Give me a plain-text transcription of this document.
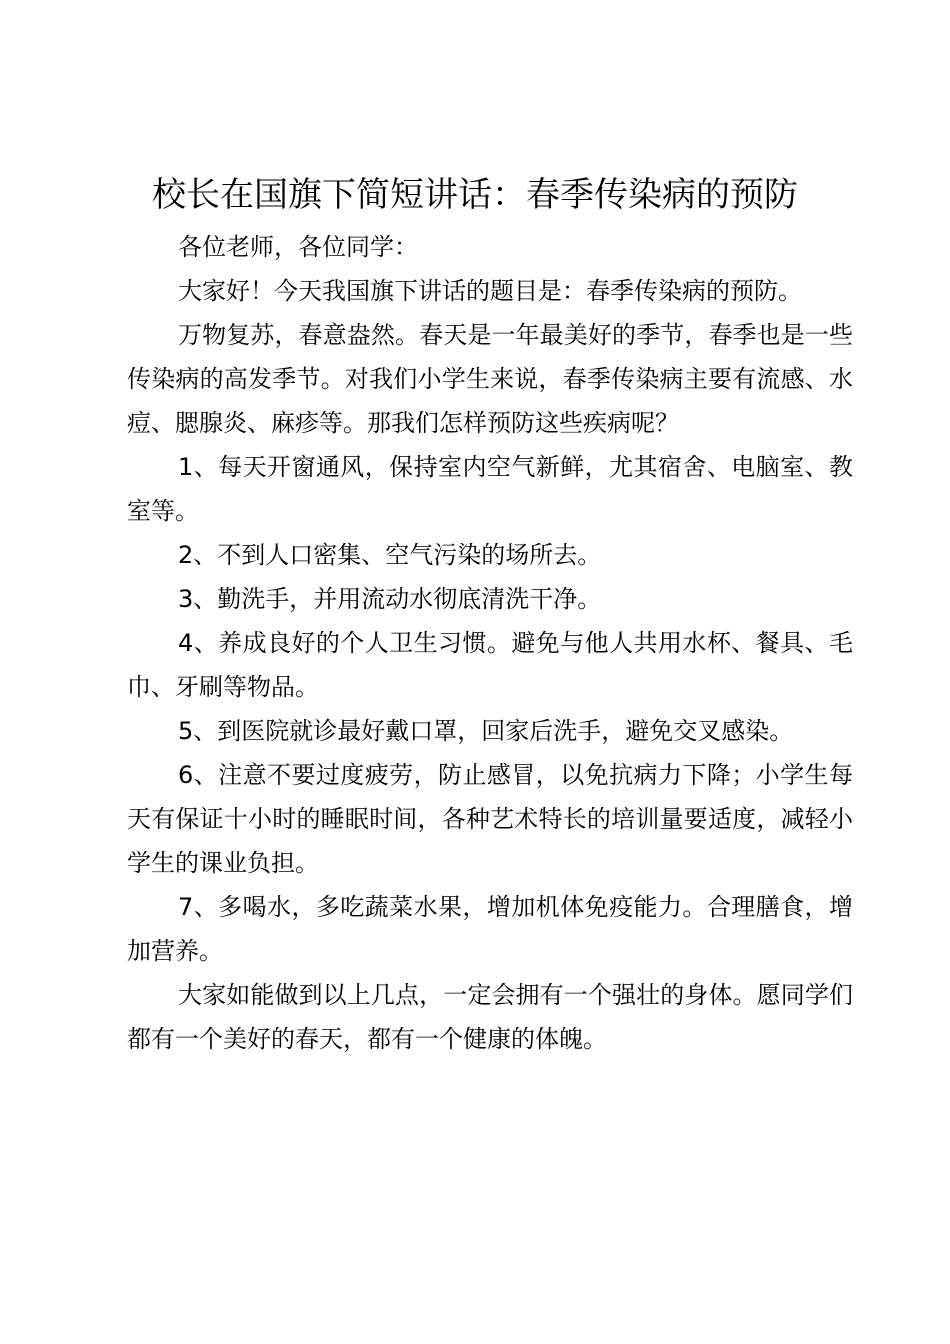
校长在国旗下简短讲话：春季传染病的预防

各位老师，各位同学：

大家好！今天我国旗下讲话的题目是：春季传染病的预防。

万物复苏，春意盎然。春天是一年最美好的季节，春季也是一些传染病的高发季节。对我们小学生来说，春季传染病主要有流感、水痘、腮腺炎、麻疹等。那我们怎样预防这些疾病呢？

1、每天开窗通风，保持室内空气新鲜，尤其宿舍、电脑室、教室等。

2、不到人口密集、空气污染的场所去。

3、勤洗手，并用流动水彻底清洗干净。

4、养成良好的个人卫生习惯。避免与他人共用水杯、餐具、毛巾、牙刷等物品。

5、到医院就诊最好戴口罩，回家后洗手，避免交叉感染。

6、注意不要过度疲劳，防止感冒，以免抗病力下降；小学生每天有保证十小时的睡眠时间，各种艺术特长的培训量要适度，减轻小学生的课业负担。

7、多喝水，多吃蔬菜水果，增加机体免疫能力。合理膳食，增加营养。

大家如能做到以上几点，一定会拥有一个强壮的身体。愿同学们都有一个美好的春天，都有一个健康的体魄。
